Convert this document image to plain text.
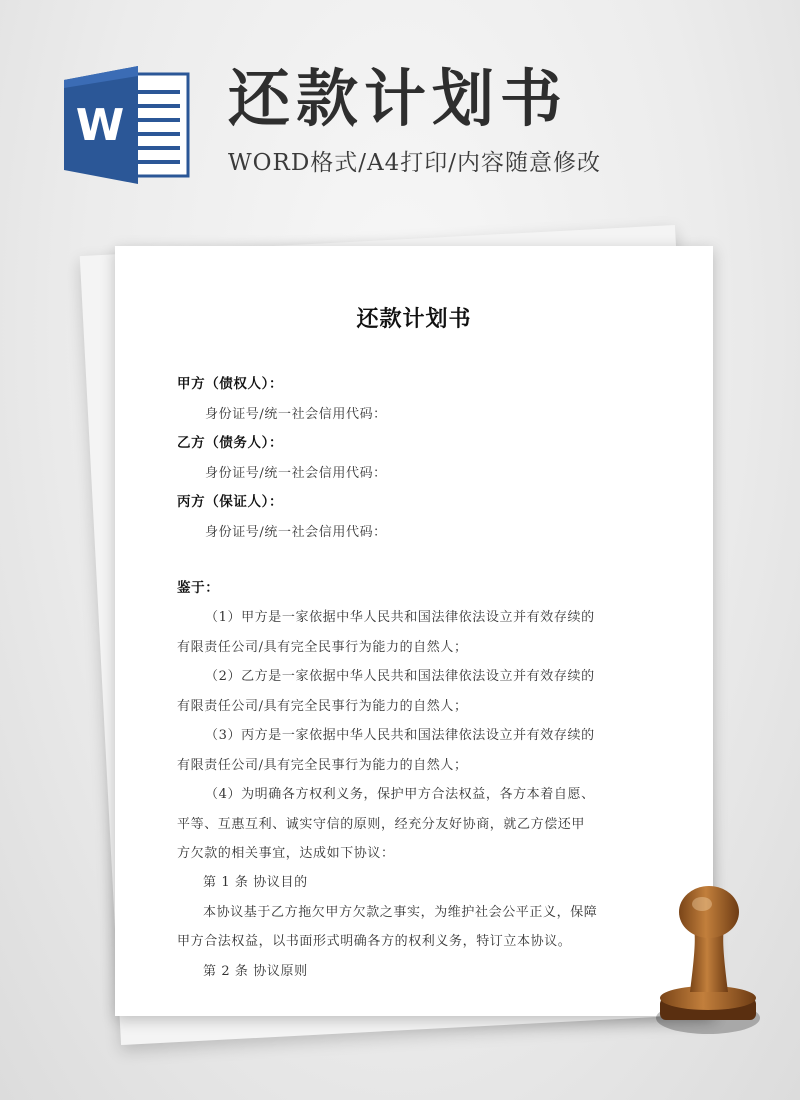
W 还款计划书
WORD格式/A4打印/内容随意修改
还款计划书
甲方（债权人）：
身份证号/统一社会信用代码：
乙方（债务人）：
身份证号/统一社会信用代码：
丙方（保证人）：
身份证号/统一社会信用代码：
鉴于：
（1）甲方是一家依据中华人民共和国法律依法设立并有效存续的
有限责任公司/具有完全民事行为能力的自然人；
（2）乙方是一家依据中华人民共和国法律依法设立并有效存续的
有限责任公司/具有完全民事行为能力的自然人；
（3）丙方是一家依据中华人民共和国法律依法设立并有效存续的
有限责任公司/具有完全民事行为能力的自然人；
（4）为明确各方权利义务，保护甲方合法权益，各方本着自愿、
平等、互惠互利、诚实守信的原则，经充分友好协商，就乙方偿还甲
方欠款的相关事宜，达成如下协议：
第 1 条 协议目的
本协议基于乙方拖欠甲方欠款之事实，为维护社会公平正义，保障
甲方合法权益，以书面形式明确各方的权利义务，特订立本协议。
第 2 条 协议原则
